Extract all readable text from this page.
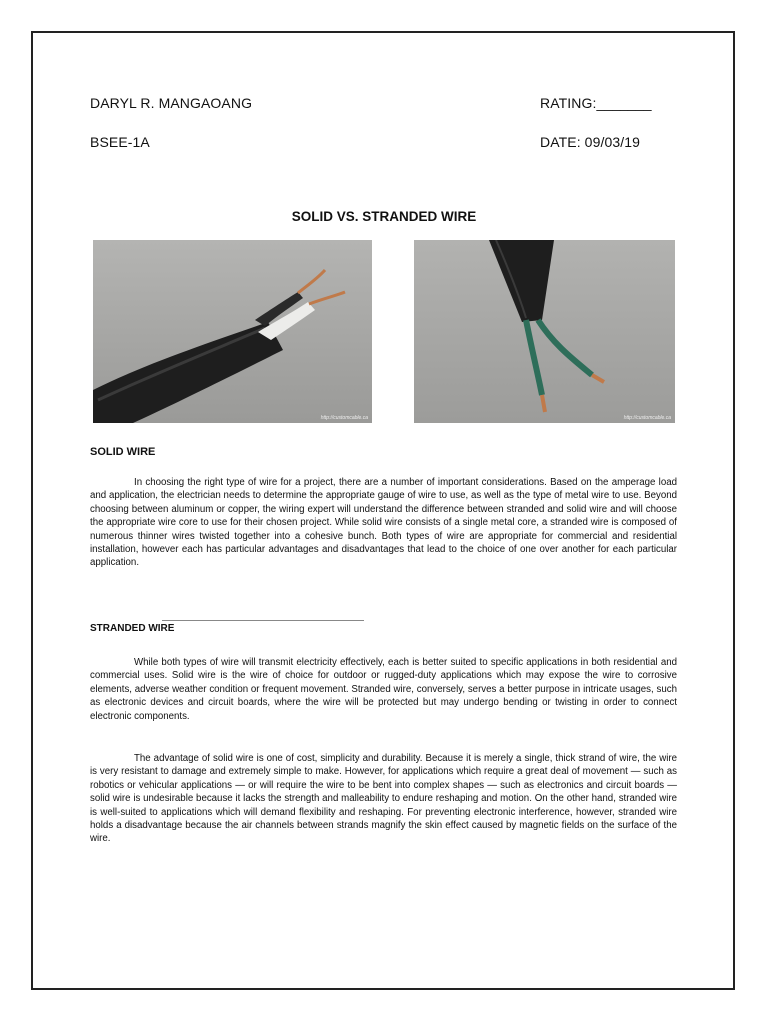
DARYL R. MANGAOANG	RATING:_______
BSEE-1A	DATE: 09/03/19
SOLID VS. STRANDED WIRE
http://customcable.ca	http://customcable.ca
SOLID WIRE

In choosing the right type of wire for a project, there are a number of important considerations. Based on the amperage load and application, the electrician needs to determine the appropriate gauge of wire to use, as well as the type of metal wire to use. Beyond choosing between aluminum or copper, the wiring expert will understand the difference between stranded and solid wire and will choose the appropriate wire core to use for their chosen project. While solid wire consists of a single metal core, a stranded wire is composed of numerous thinner wires twisted together into a cohesive bunch. Both types of wire are appropriate for commercial and residential installation, however each has particular advantages and disadvantages that lead to the choice of one over another for each particular application.

STRANDED WIRE

While both types of wire will transmit electricity effectively, each is better suited to specific applications in both residential and commercial uses. Solid wire is the wire of choice for outdoor or rugged-duty applications which may expose the wire to corrosive elements, adverse weather condition or frequent movement. Stranded wire, conversely, serves a better purpose in intricate usages, such as electronic devices and circuit boards, where the wire will be protected but may undergo bending or twisting in order to connect electronic components.

The advantage of solid wire is one of cost, simplicity and durability. Because it is merely a single, thick strand of wire, the wire is very resistant to damage and extremely simple to make. However, for applications which require a great deal of movement — such as robotics or vehicular applications — or will require the wire to be bent into complex shapes — such as electronics and circuit boards — solid wire is undesirable because it lacks the strength and malleability to endure reshaping and motion. On the other hand, stranded wire is well-suited to applications which will demand flexibility and reshaping. For preventing electronic interference, however, stranded wire holds a disadvantage because the air channels between strands magnify the skin effect caused by magnetic fields on the surface of the wire.
